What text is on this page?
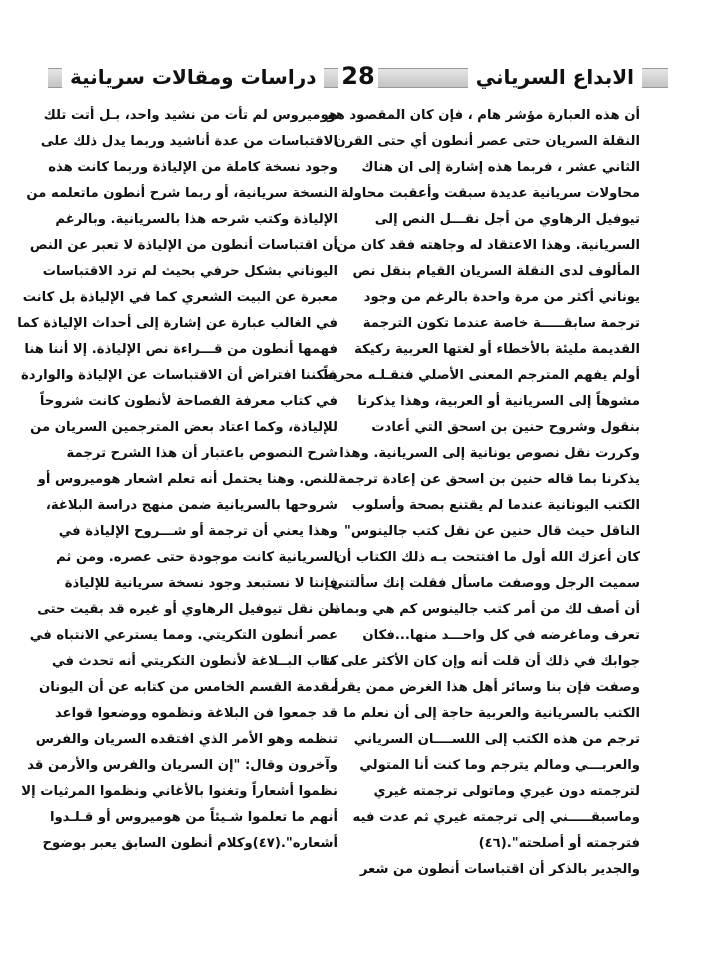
الابداع السرياني
دراسات ومقالات سريانية	28
أن هذه العبارة مؤشر هام ، فإن كان المقصود هو
النقلة السريان حتى عصر أنطون أي حتى القرن
الثاني عشر ، فربما هذه إشارة إلى ان هناك
محاولات سريانية عديدة سبقت وأعقبت محاولة
تيوفيل الرهاوي من أجل نقـــل النص إلى
السريانية. وهذا الاعتقاد له وجاهته فقد كان من
المألوف لدى النقلة السريان القيام بنقل نص
يوناني أكثر من مرة واحدة بالرغم من وجود
ترجمة سابقـــــة خاصة عندما تكون الترجمة
القديمة مليئة بالأخطاء أو لغتها العربية ركيكة
أولم يفهم المترجم المعنى الأصلي فنقـلـه محرفاً
مشوهاً إلى السريانية أو العربية، وهذا يذكرنا
بنقول وشروح حنين بن اسحق التي أعادت
وكررت نقل نصوص يونانية إلى السريانية. وهذا
يذكرنا بما قاله حنين بن اسحق عن إعادة ترجمة
الكتب اليونانية عندما لم يقتنع بصحة وأسلوب
الناقل حيث قال حنين عن نقل كتب جالينوس"
كان أعزك الله أول ما افتتحت بـه ذلك الكتاب أن
سميت الرجل ووصفت ماسأل فقلت إنك سألتني
أن أصف لك من أمر كتب جالينوس كم هي وبماذا
تعرف وماغرضه في كل واحـــد منها...فكان
جوابك في ذلك أن قلت أنه وإن كان الأكثر على ما
وصفت فإن بنا وسائر أهل هذا الغرض ممن يقرأ
الكتب بالسريانية والعربية حاجة إلى أن نعلم ما
ترجم من هذه الكتب إلى اللســــان السرياني
والعربـــي ومالم يترجم وما كنت أنا المتولي
لترجمته دون غيري وماتولى ترجمته غيري
وماسبقـــــني إلى ترجمته غيري ثم عدت فيه
فترجمته أو أصلحته".(٤٦)
والجدير بالذكر أن اقتباسات أنطون من شعر
هوميروس لم تأت من نشيد واحد، بـل أتت تلك
الاقتباسات من عدة أناشيد وربما يدل ذلك على
وجود نسخة كاملة من الإلياذة وربما كانت هذه
النسخة سريانية، أو ربما شرح أنطون ماتعلمه من
الإلياذة وكتب شرحه هذا بالسريانية. وبالرغم
أن اقتباسات أنطون من الإلياذة لا تعبر عن النص
اليوناني بشكل حرفي بحيث لم ترد الاقتباسات
معبرة عن البيت الشعري كما في الإلياذة بل كانت
في الغالب عبارة عن إشارة إلى أحداث الإلياذة كما
فهمها أنطون من قـــراءة نص الإلياذة. إلا أننا هنا
يمكننا افتراض أن الاقتباسات عن الإلياذة والواردة
في كتاب معرفة الفصاحة لأنطون كانت شروحاً
للإلياذة، وكما اعتاد بعض المترجمين السريان من
شرح النصوص باعتبار أن هذا الشرح ترجمة
للنص. وهنا يحتمل أنه تعلم اشعار هوميروس أو
شروحها بالسريانية ضمن منهج دراسة البلاغة،
وهذا يعني أن ترجمة أو شـــروح الإلياذة في
السريانية كانت موجودة حتى عصره. ومن ثم
فإننا لا نستبعد وجود نسخة سريانية للإلياذة
من نقل تيوفيل الرهاوي أو غيره قد بقيت حتى
عصر أنطون التكريتي. ومما يسترعي الانتباه في
كتاب البــلاغة لأنطون التكريتي أنه تحدث في
مقدمة القسم الخامس من كتابه عن أن اليونان
قد جمعوا فن البلاغة ونظموه ووضعوا قواعد
تنظمه وهو الأمر الذي افتقده السريان والفرس
وآخرون وقال: "إن السريان والفرس والأرمن قد
نظموا أشعاراً وتغنوا بالأغاني ونظموا المرثيات إلا
أنهم ما تعلموا شـيئاً من هوميروس أو قـلـدوا
أشعاره".(٤٧)وكلام أنطون السابق يعبر بوضوح
